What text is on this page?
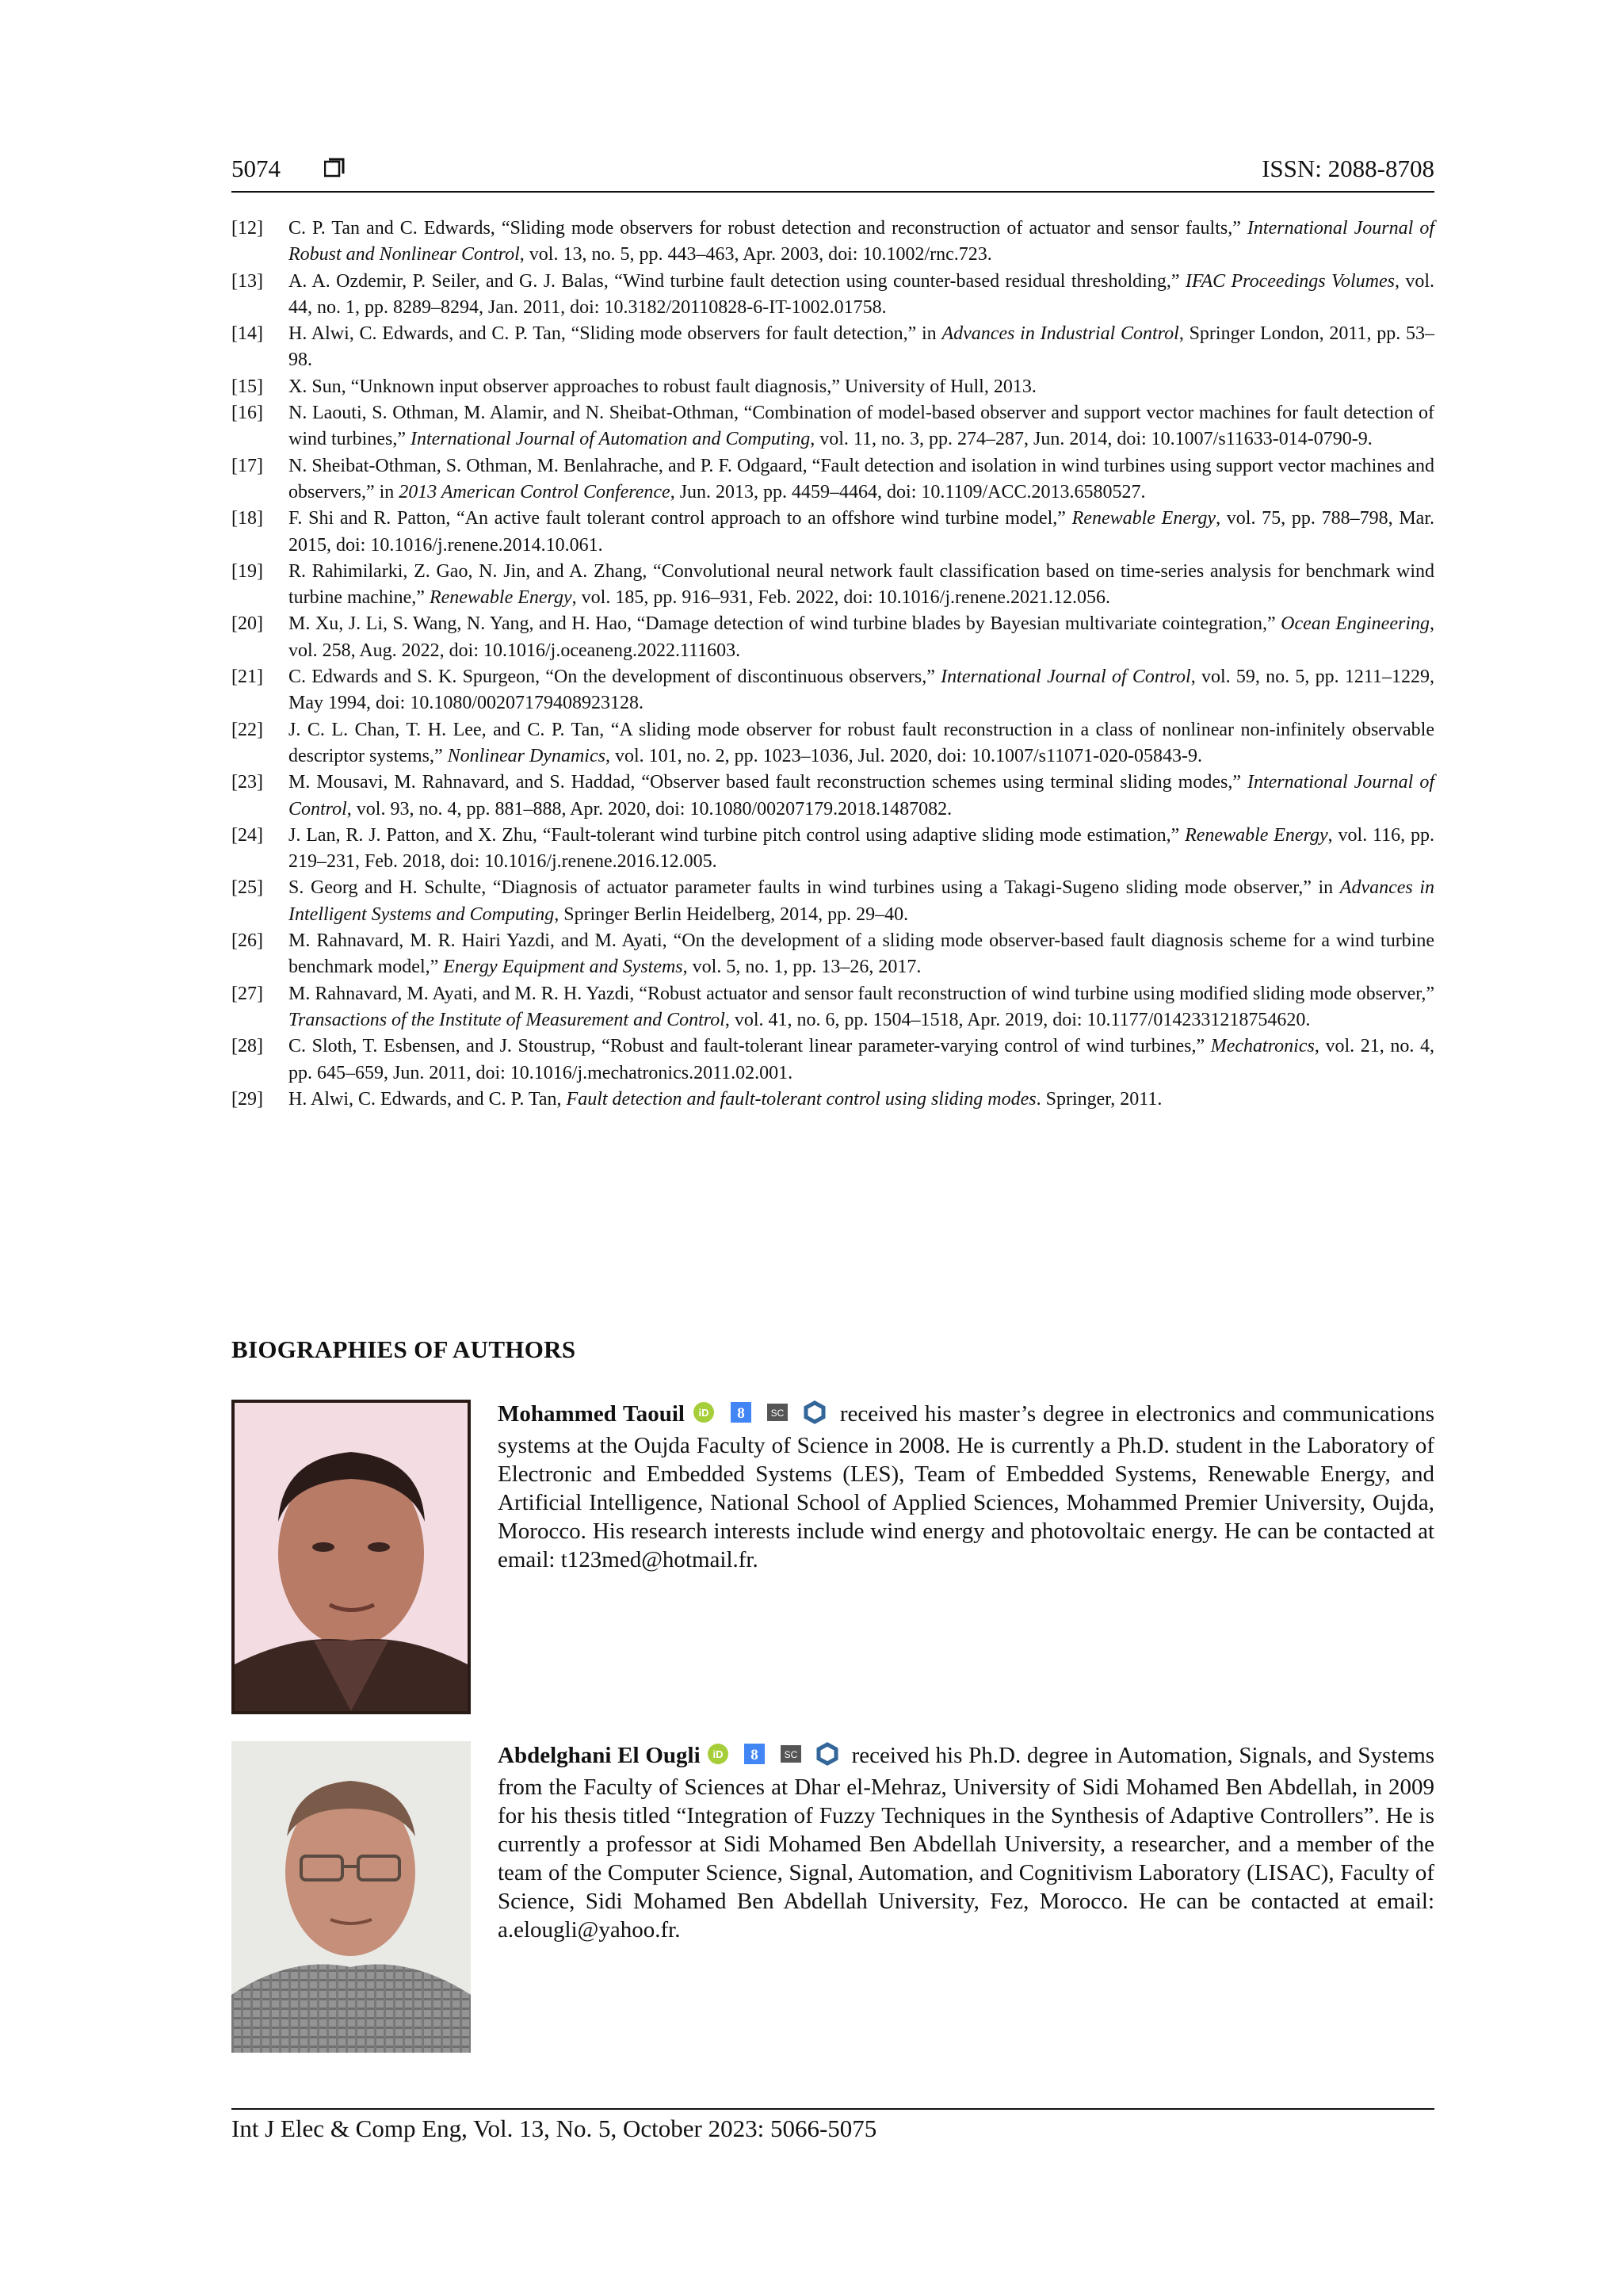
5074	ISSN: 2088-8708
[12]	C. P. Tan and C. Edwards, “Sliding mode observers for robust detection and reconstruction of actuator and sensor faults,” International Journal of Robust and Nonlinear Control, vol. 13, no. 5, pp. 443–463, Apr. 2003, doi: 10.1002/rnc.723.
[13]	A. A. Ozdemir, P. Seiler, and G. J. Balas, “Wind turbine fault detection using counter-based residual thresholding,” IFAC Proceedings Volumes, vol. 44, no. 1, pp. 8289–8294, Jan. 2011, doi: 10.3182/20110828-6-IT-1002.01758.
[14]	H. Alwi, C. Edwards, and C. P. Tan, “Sliding mode observers for fault detection,” in Advances in Industrial Control, Springer London, 2011, pp. 53–98.
[15]	X. Sun, “Unknown input observer approaches to robust fault diagnosis,” University of Hull, 2013.
[16]	N. Laouti, S. Othman, M. Alamir, and N. Sheibat-Othman, “Combination of model-based observer and support vector machines for fault detection of wind turbines,” International Journal of Automation and Computing, vol. 11, no. 3, pp. 274–287, Jun. 2014, doi: 10.1007/s11633-014-0790-9.
[17]	N. Sheibat-Othman, S. Othman, M. Benlahrache, and P. F. Odgaard, “Fault detection and isolation in wind turbines using support vector machines and observers,” in 2013 American Control Conference, Jun. 2013, pp. 4459–4464, doi: 10.1109/ACC.2013.6580527.
[18]	F. Shi and R. Patton, “An active fault tolerant control approach to an offshore wind turbine model,” Renewable Energy, vol. 75, pp. 788–798, Mar. 2015, doi: 10.1016/j.renene.2014.10.061.
[19]	R. Rahimilarki, Z. Gao, N. Jin, and A. Zhang, “Convolutional neural network fault classification based on time-series analysis for benchmark wind turbine machine,” Renewable Energy, vol. 185, pp. 916–931, Feb. 2022, doi: 10.1016/j.renene.2021.12.056.
[20]	M. Xu, J. Li, S. Wang, N. Yang, and H. Hao, “Damage detection of wind turbine blades by Bayesian multivariate cointegration,” Ocean Engineering, vol. 258, Aug. 2022, doi: 10.1016/j.oceaneng.2022.111603.
[21]	C. Edwards and S. K. Spurgeon, “On the development of discontinuous observers,” International Journal of Control, vol. 59, no. 5, pp. 1211–1229, May 1994, doi: 10.1080/00207179408923128.
[22]	J. C. L. Chan, T. H. Lee, and C. P. Tan, “A sliding mode observer for robust fault reconstruction in a class of nonlinear non-infinitely observable descriptor systems,” Nonlinear Dynamics, vol. 101, no. 2, pp. 1023–1036, Jul. 2020, doi: 10.1007/s11071-020-05843-9.
[23]	M. Mousavi, M. Rahnavard, and S. Haddad, “Observer based fault reconstruction schemes using terminal sliding modes,” International Journal of Control, vol. 93, no. 4, pp. 881–888, Apr. 2020, doi: 10.1080/00207179.2018.1487082.
[24]	J. Lan, R. J. Patton, and X. Zhu, “Fault-tolerant wind turbine pitch control using adaptive sliding mode estimation,” Renewable Energy, vol. 116, pp. 219–231, Feb. 2018, doi: 10.1016/j.renene.2016.12.005.
[25]	S. Georg and H. Schulte, “Diagnosis of actuator parameter faults in wind turbines using a Takagi-Sugeno sliding mode observer,” in Advances in Intelligent Systems and Computing, Springer Berlin Heidelberg, 2014, pp. 29–40.
[26]	M. Rahnavard, M. R. Hairi Yazdi, and M. Ayati, “On the development of a sliding mode observer-based fault diagnosis scheme for a wind turbine benchmark model,” Energy Equipment and Systems, vol. 5, no. 1, pp. 13–26, 2017.
[27]	M. Rahnavard, M. Ayati, and M. R. H. Yazdi, “Robust actuator and sensor fault reconstruction of wind turbine using modified sliding mode observer,” Transactions of the Institute of Measurement and Control, vol. 41, no. 6, pp. 1504–1518, Apr. 2019, doi: 10.1177/0142331218754620.
[28]	C. Sloth, T. Esbensen, and J. Stoustrup, “Robust and fault-tolerant linear parameter-varying control of wind turbines,” Mechatronics, vol. 21, no. 4, pp. 645–659, Jun. 2011, doi: 10.1016/j.mechatronics.2011.02.001.
[29]	H. Alwi, C. Edwards, and C. P. Tan, Fault detection and fault-tolerant control using sliding modes. Springer, 2011.
BIOGRAPHIES OF AUTHORS
Mohammed Taouil iD
8
	SC received his master’s degree in electronics and communications systems at the Oujda Faculty of Science in 2008. He is currently a Ph.D. student in the Laboratory of Electronic and Embedded Systems (LES), Team of Embedded Systems, Renewable Energy, and Artificial Intelligence, National School of Applied Sciences, Mohammed Premier University, Oujda, Morocco. His research interests include wind energy and photovoltaic energy. He can be contacted at email: t123med@hotmail.fr.
Abdelghani El Ougli iD
8
	SC received his Ph.D. degree in Automation, Signals, and Systems from the Faculty of Sciences at Dhar el-Mehraz, University of Sidi Mohamed Ben Abdellah, in 2009 for his thesis titled “Integration of Fuzzy Techniques in the Synthesis of Adaptive Controllers”. He is currently a professor at Sidi Mohamed Ben Abdellah University, a researcher, and a member of the team of the Computer Science, Signal, Automation, and Cognitivism Laboratory (LISAC), Faculty of Science, Sidi Mohamed Ben Abdellah University, Fez, Morocco. He can be contacted at email: a.elougli@yahoo.fr.
Int J Elec & Comp Eng, Vol. 13, No. 5, October 2023: 5066-5075
